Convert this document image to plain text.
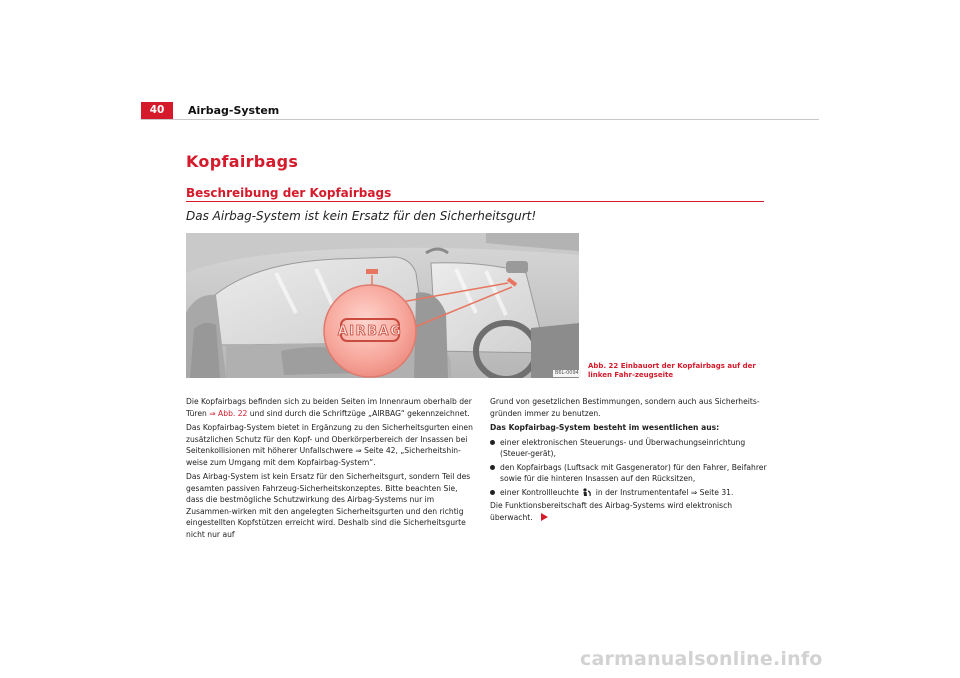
40	Airbag-System
Kopfairbags
Beschreibung der Kopfairbags
Das Airbag-System ist kein Ersatz für den Sicherheitsgurt!
AIRBAG
B6L-0094
Abb. 22 Einbauort der Kopfairbags auf der linken Fahr-zeugseite

Die Kopfairbags befinden sich zu beiden Seiten im Innenraum oberhalb der Türen ⇒ Abb. 22 und sind durch die Schriftzüge „AIRBAG“ gekennzeichnet.

Das Kopfairbag-System bietet in Ergänzung zu den Sicherheitsgurten einen zusätzlichen Schutz für den Kopf- und Oberkörperbereich der Insassen bei Seitenkollisionen mit höherer Unfallschwere ⇒ Seite 42, „Sicherheitshin-weise zum Umgang mit dem Kopfairbag-System“.

Das Airbag-System ist kein Ersatz für den Sicherheitsgurt, sondern Teil des gesamten passiven Fahrzeug-Sicherheitskonzeptes. Bitte beachten Sie, dass die bestmögliche Schutzwirkung des Airbag-Systems nur im Zusammen-wirken mit den angelegten Sicherheitsgurten und den richtig eingestellten Kopfstützen erreicht wird. Deshalb sind die Sicherheitsgurte nicht nur auf

Grund von gesetzlichen Bestimmungen, sondern auch aus Sicherheits-gründen immer zu benutzen.

Das Kopfairbag-System besteht im wesentlichen aus:

einer elektronischen Steuerungs- und Überwachungseinrichtung (Steuer-gerät),
den Kopfairbags (Luftsack mit Gasgenerator) für den Fahrer, Beifahrer sowie für die hinteren Insassen auf den Rücksitzen,
einer Kontrollleuchte  in der Instrumententafel ⇒ Seite 31.

Die Funktionsbereitschaft des Airbag-Systems wird elektronisch überwacht.

carmanualsonline.info
